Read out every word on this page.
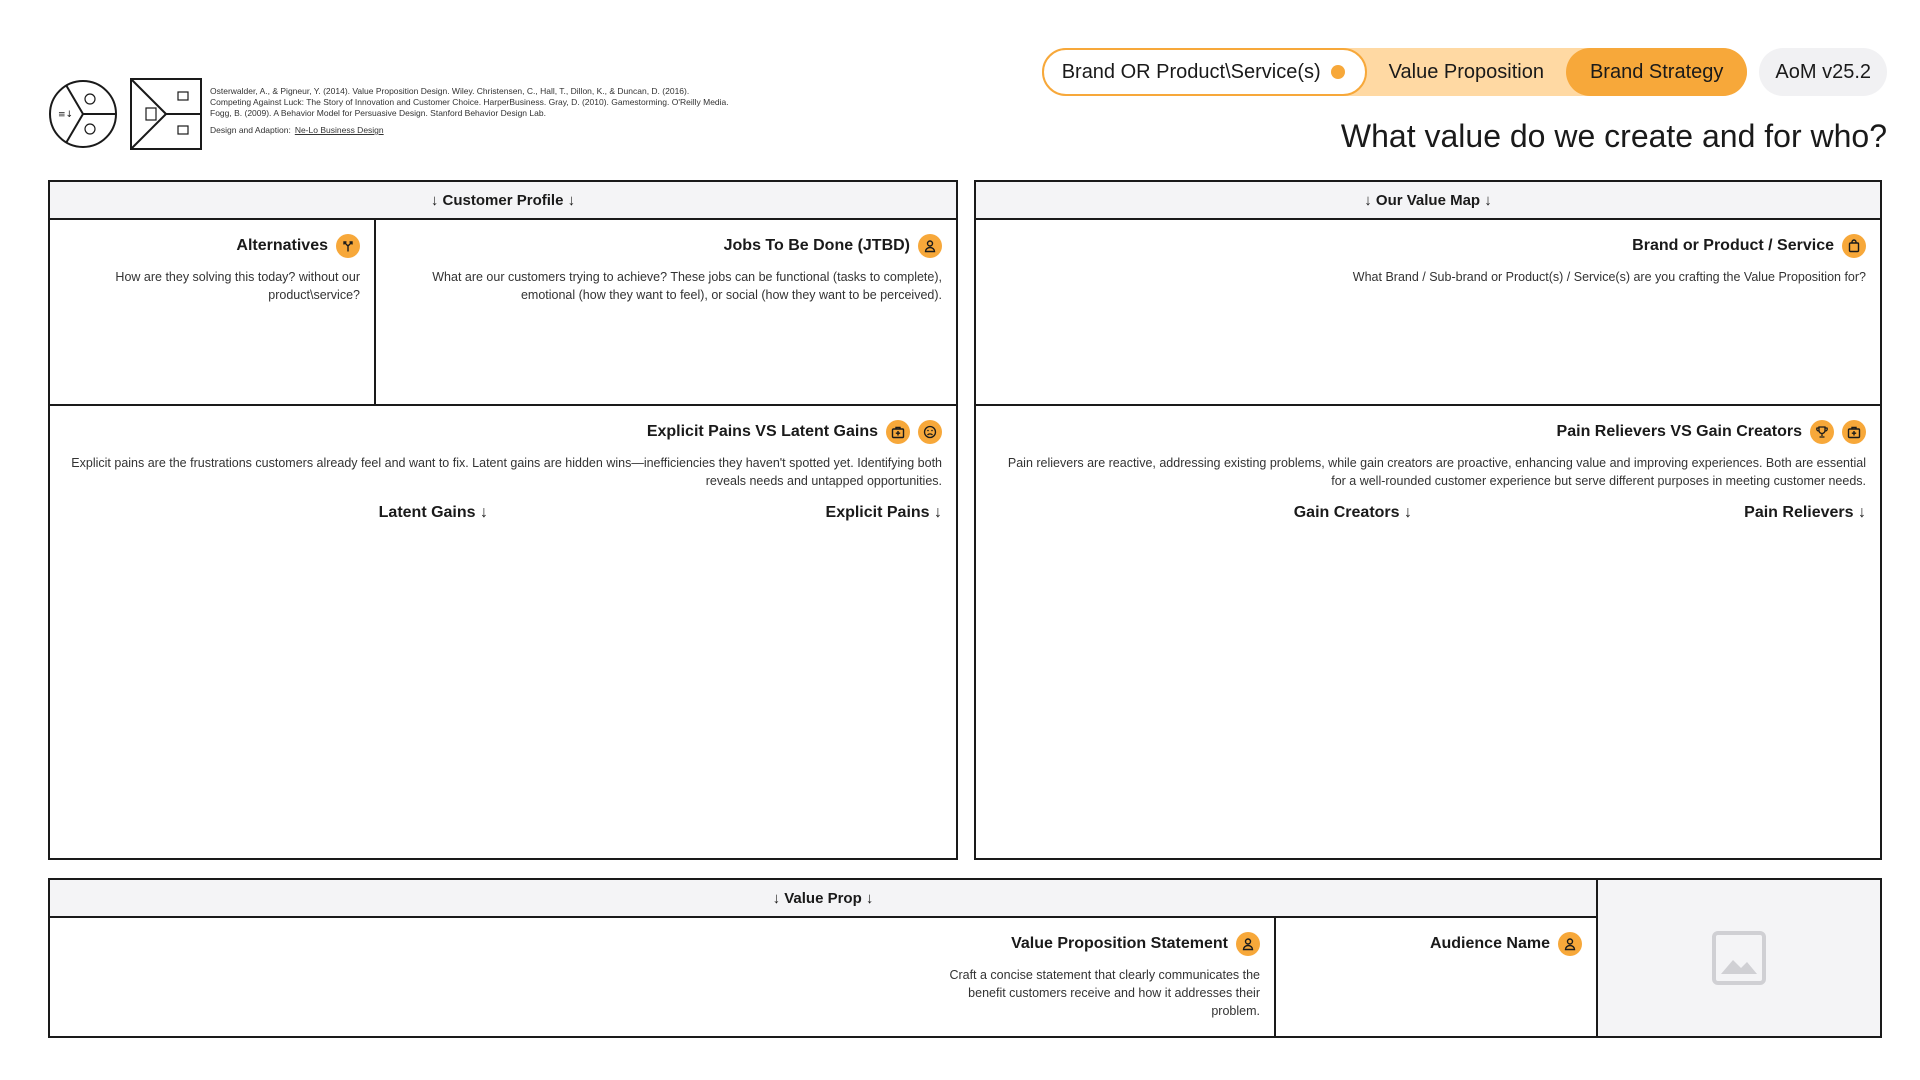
≡↓
Osterwalder, A., & Pigneur, Y. (2014). Value Proposition Design. Wiley. Christensen, C., Hall, T., Dillon, K., & Duncan, D. (2016). Competing Against Luck: The Story of Innovation and Customer Choice. HarperBusiness. Gray, D. (2010). Gamestorming. O'Reilly Media. Fogg, B. (2009). A Behavior Model for Persuasive Design. Stanford Behavior Design Lab.
Design and Adaption: Ne-Lo Business Design
AoM v25.2
Brand Strategy
Value Proposition
Brand OR Product\Service(s)
What value do we create and for who?
↓ Our Value Map ↓
Brand or Product / Service
What Brand / Sub-brand or Product(s) / Service(s) are you crafting the Value Proposition for?
Pain Relievers VS Gain Creators
Pain relievers are reactive, addressing existing problems, while gain creators are proactive, enhancing value and improving experiences. Both are essential for a well-rounded customer experience but serve different purposes in meeting customer needs.
Pain Relievers ↓
Gain Creators ↓
↓ Customer Profile ↓
Jobs To Be Done (JTBD)
What are our customers trying to achieve? These jobs can be functional (tasks to complete), emotional (how they want to feel), or social (how they want to be perceived).
Alternatives
How are they solving this today? without our product\service?
Explicit Pains VS Latent Gains
Explicit pains are the frustrations customers already feel and want to fix. Latent gains are hidden wins—inefficiencies they haven't spotted yet. Identifying both reveals needs and untapped opportunities.
Explicit Pains ↓
Latent Gains ↓
↓ Value Prop ↓
Audience Name
Value Proposition Statement
Craft a concise statement that clearly communicates the benefit customers receive and how it addresses their problem.
